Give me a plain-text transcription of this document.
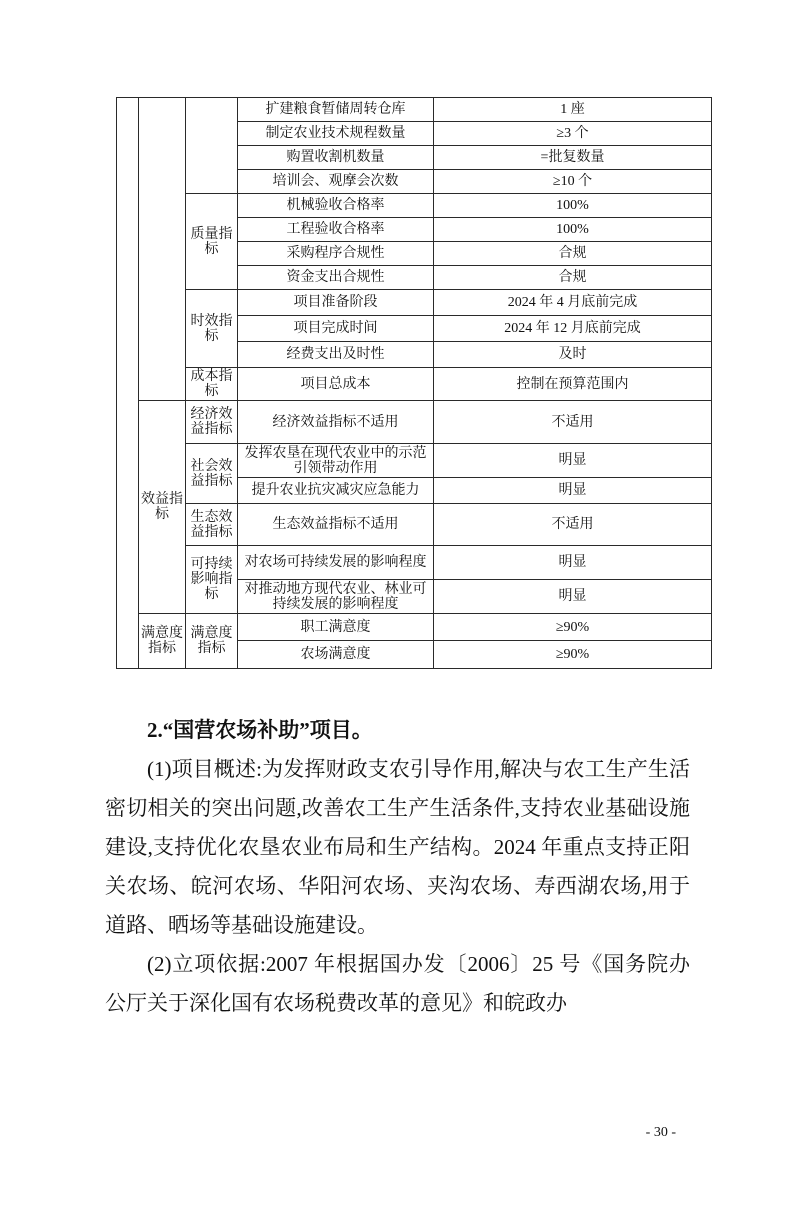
			扩建粮食暂储周转仓库	1 座
			制定农业技术规程数量	≥3 个
			购置收割机数量	=批复数量
			培训会、观摩会次数	≥10 个
		质量指标	机械验收合格率	100%
			工程验收合格率	100%
			采购程序合规性	合规
			资金支出合规性	合规
		时效指标	项目准备阶段	2024 年 4 月底前完成
			项目完成时间	2024 年 12 月底前完成
			经费支出及时性	及时
		成本指标	项目总成本	控制在预算范围内
	效益指标	经济效益指标	经济效益指标不适用	不适用
		社会效益指标	发挥农垦在现代农业中的示范引领带动作用	明显
			提升农业抗灾减灾应急能力	明显
		生态效益指标	生态效益指标不适用	不适用
		可持续影响指标	对农场可持续发展的影响程度	明显
			对推动地方现代农业、林业可持续发展的影响程度	明显
	满意度指标	满意度指标	职工满意度	≥90%
			农场满意度	≥90%

2.“国营农场补助”项目。

(1)项目概述:为发挥财政支农引导作用,解决与农工生产生活密切相关的突出问题,改善农工生产生活条件,支持农业基础设施建设,支持优化农垦农业布局和生产结构。2024 年重点支持正阳关农场、皖河农场、华阳河农场、夹沟农场、寿西湖农场,用于道路、晒场等基础设施建设。

(2)立项依据:2007 年根据国办发〔2006〕25 号《国务院办公厅关于深化国有农场税费改革的意见》和皖政办

- 30 -
